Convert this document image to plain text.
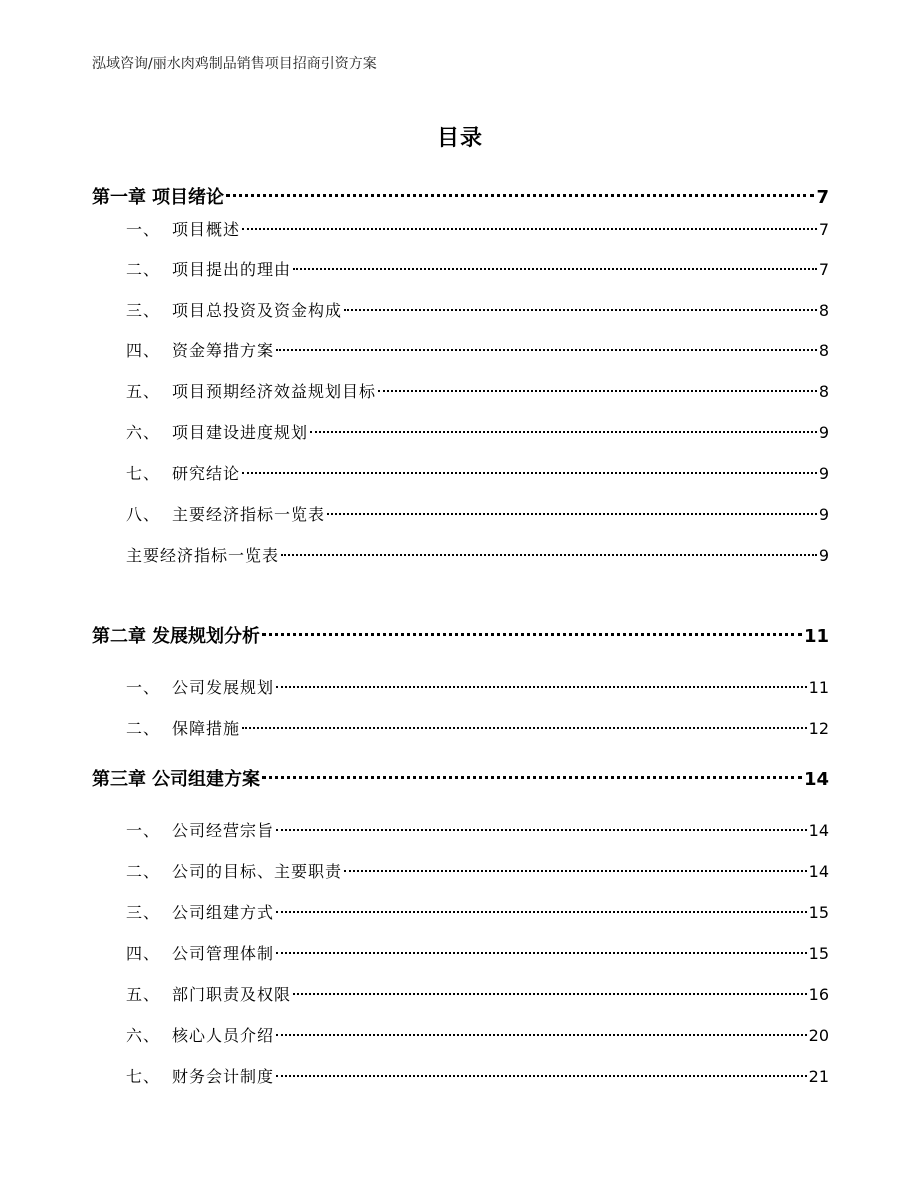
泓域咨询/丽水肉鸡制品销售项目招商引资方案
目录
第一章 项目绪论	7
一、 项目概述	7
二、 项目提出的理由	7
三、 项目总投资及资金构成	8
四、 资金筹措方案	8
五、 项目预期经济效益规划目标	8
六、 项目建设进度规划	9
七、 研究结论	9
八、 主要经济指标一览表	9
主要经济指标一览表	9
第二章 发展规划分析	11
一、 公司发展规划	11
二、 保障措施	12
第三章 公司组建方案	14
一、 公司经营宗旨	14
二、 公司的目标、主要职责	14
三、 公司组建方式	15
四、 公司管理体制	15
五、 部门职责及权限	16
六、 核心人员介绍	20
七、 财务会计制度	21
